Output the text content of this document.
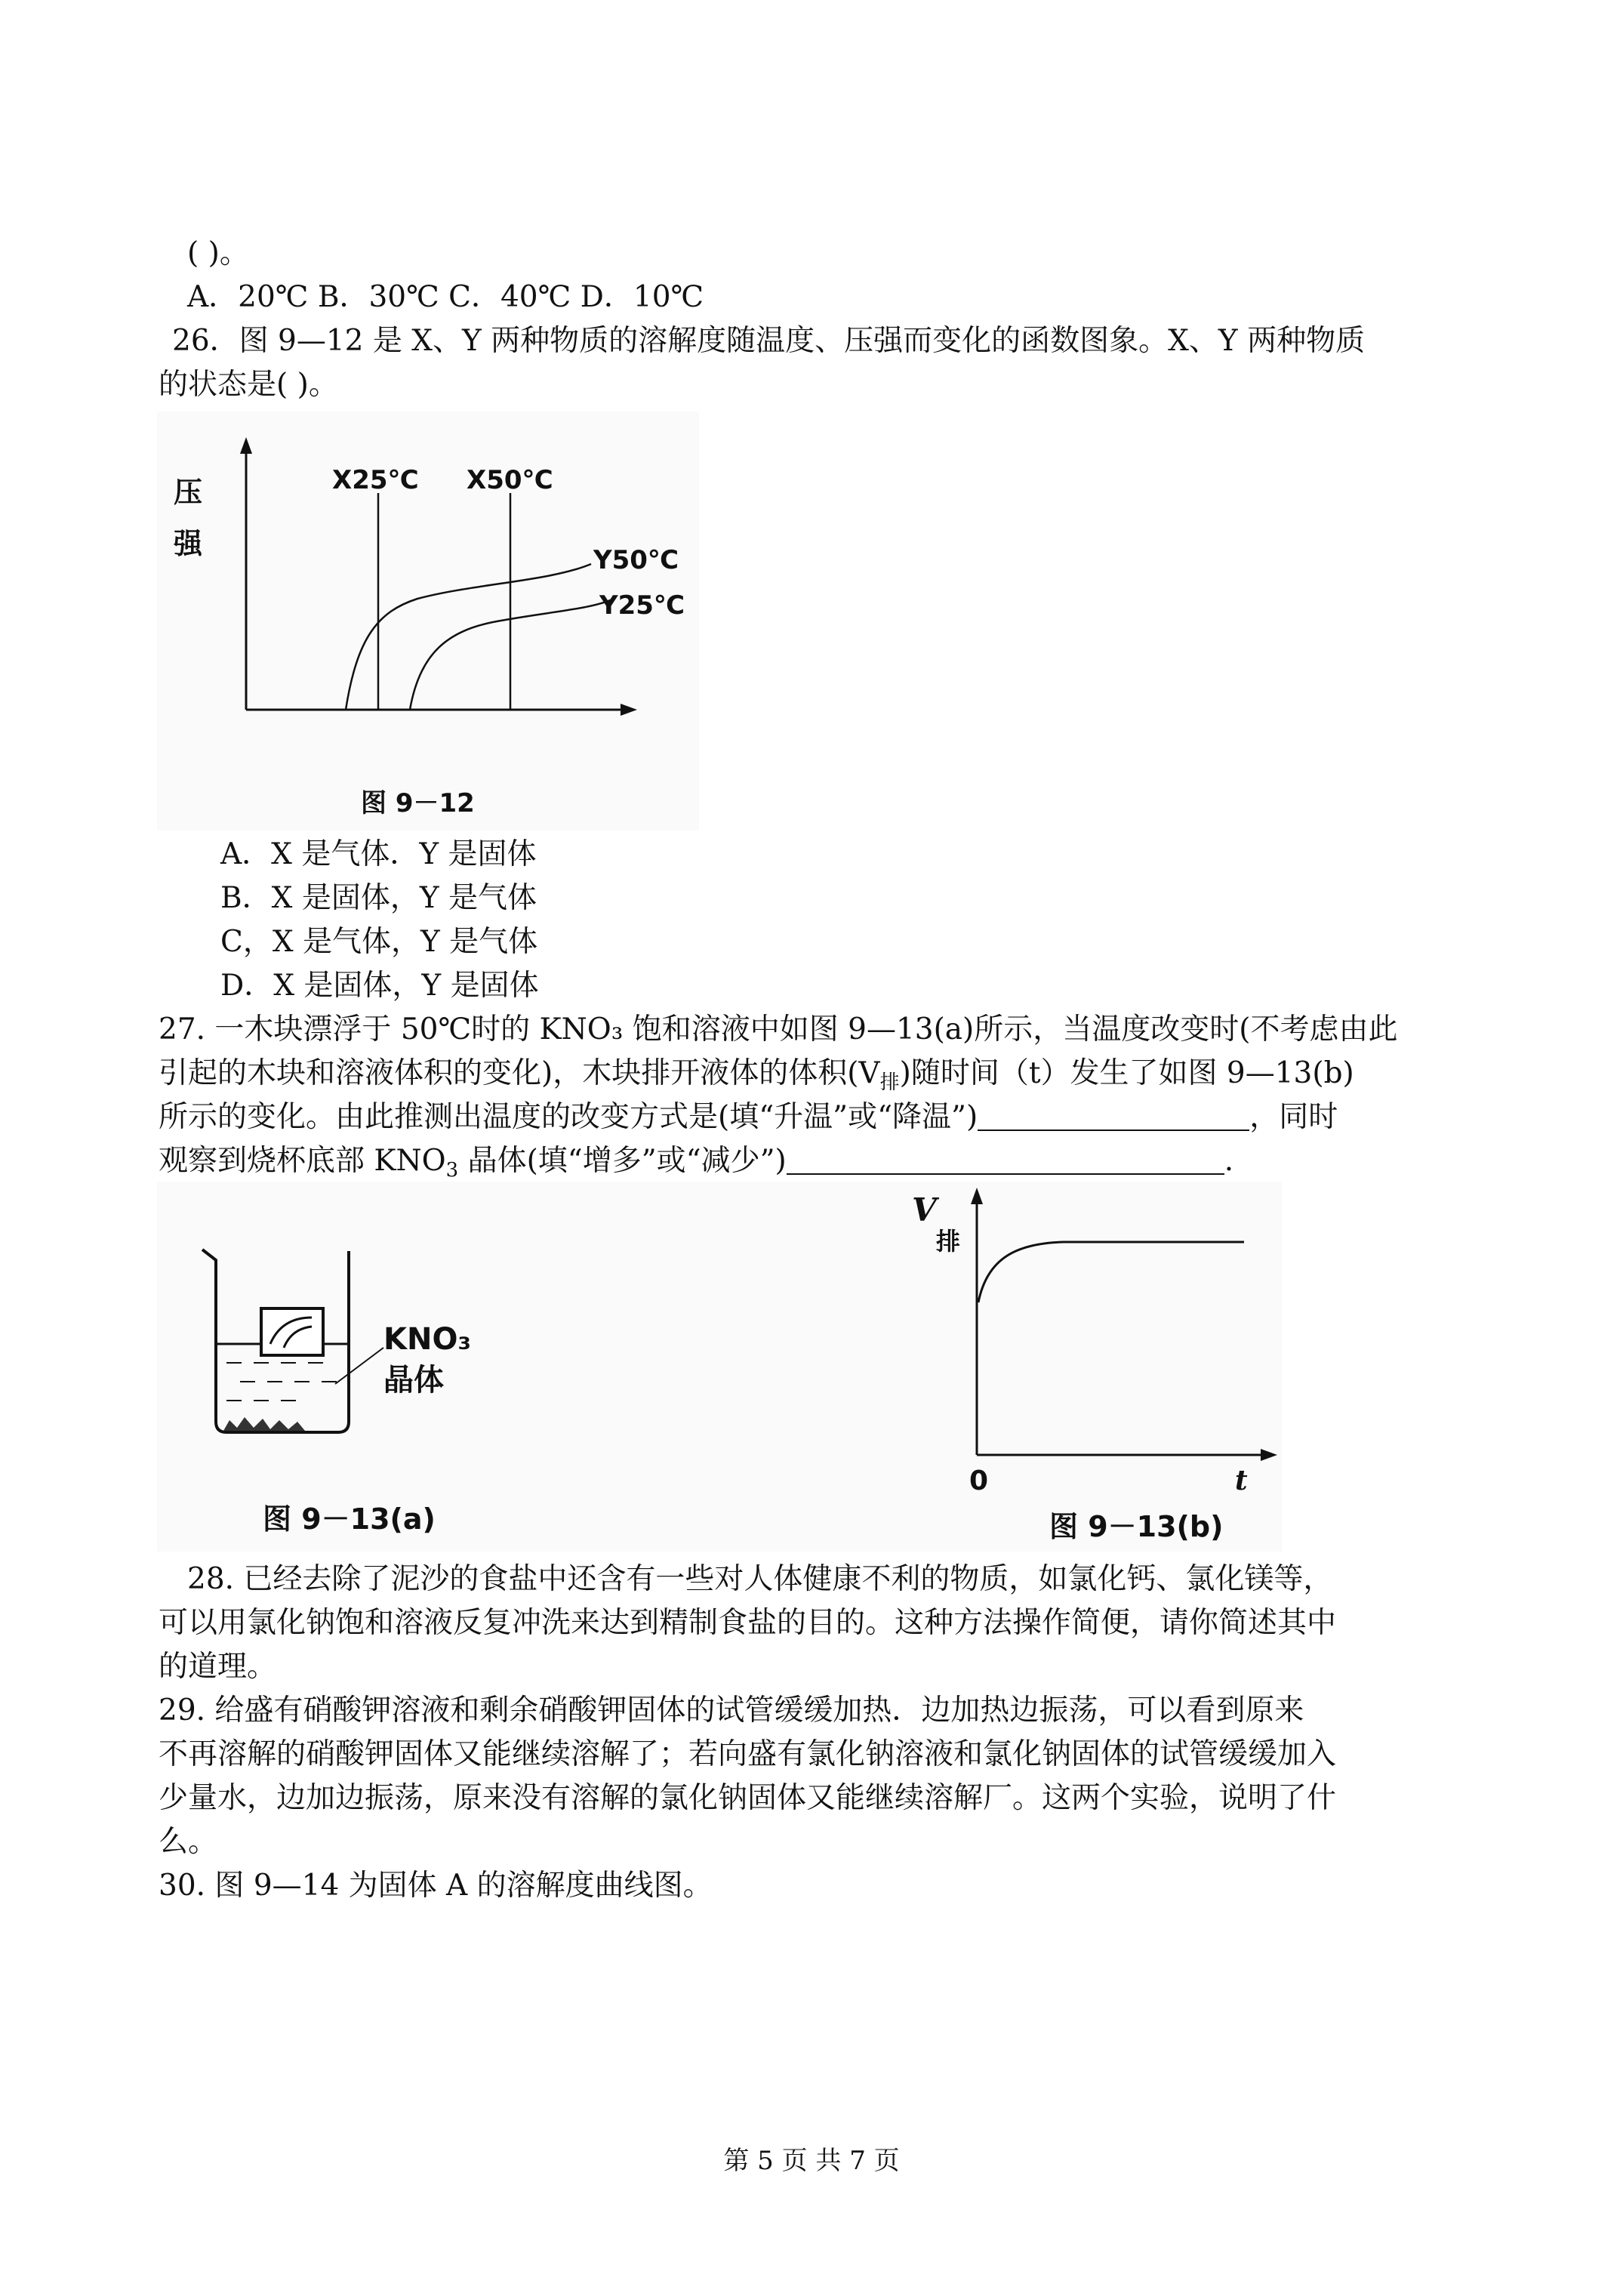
( )。
A．20℃ B．30℃ C．40℃ D．10℃
26．图 9—12 是 X、Y 两种物质的溶解度随温度、压强而变化的函数图象。X、Y 两种物质
的状态是( )。
压
强
X25℃ X50℃
Y50℃
Y25℃
图 9－12
A．X 是气体．Y 是固体
B．X 是固体，Y 是气体
C，X 是气体，Y 是气体
D．X 是固体，Y 是固体
27. 一木块漂浮于 50℃时的 KNO₃ 饱和溶液中如图 9—13(a)所示，当温度改变时(不考虑由此
引起的木块和溶液体积的变化)，木块排开液体的体积$(V_排)$随时间（t）发生了如图 9—13(b)
所示的变化。由此推测出温度的改变方式是(填“升温”或“降温”)	，同时
观察到烧杯底部 $KNO_3$ 晶体(填“增多”或“减少”)	.
KNO₃
晶体
图 9－13(a)
V
排
0	t
图 9－13(b)
28. 已经去除了泥沙的食盐中还含有一些对人体健康不利的物质，如氯化钙、氯化镁等，
可以用氯化钠饱和溶液反复冲洗来达到精制食盐的目的。这种方法操作简便，请你简述其中
的道理。
29. 给盛有硝酸钾溶液和剩余硝酸钾固体的试管缓缓加热．边加热边振荡，可以看到原来
不再溶解的硝酸钾固体又能继续溶解了；若向盛有氯化钠溶液和氯化钠固体的试管缓缓加入
少量水，边加边振荡，原来没有溶解的氯化钠固体又能继续溶解厂。这两个实验，说明了什
么。
30. 图 9—14 为固体 A 的溶解度曲线图。
第 5 页 共 7 页
